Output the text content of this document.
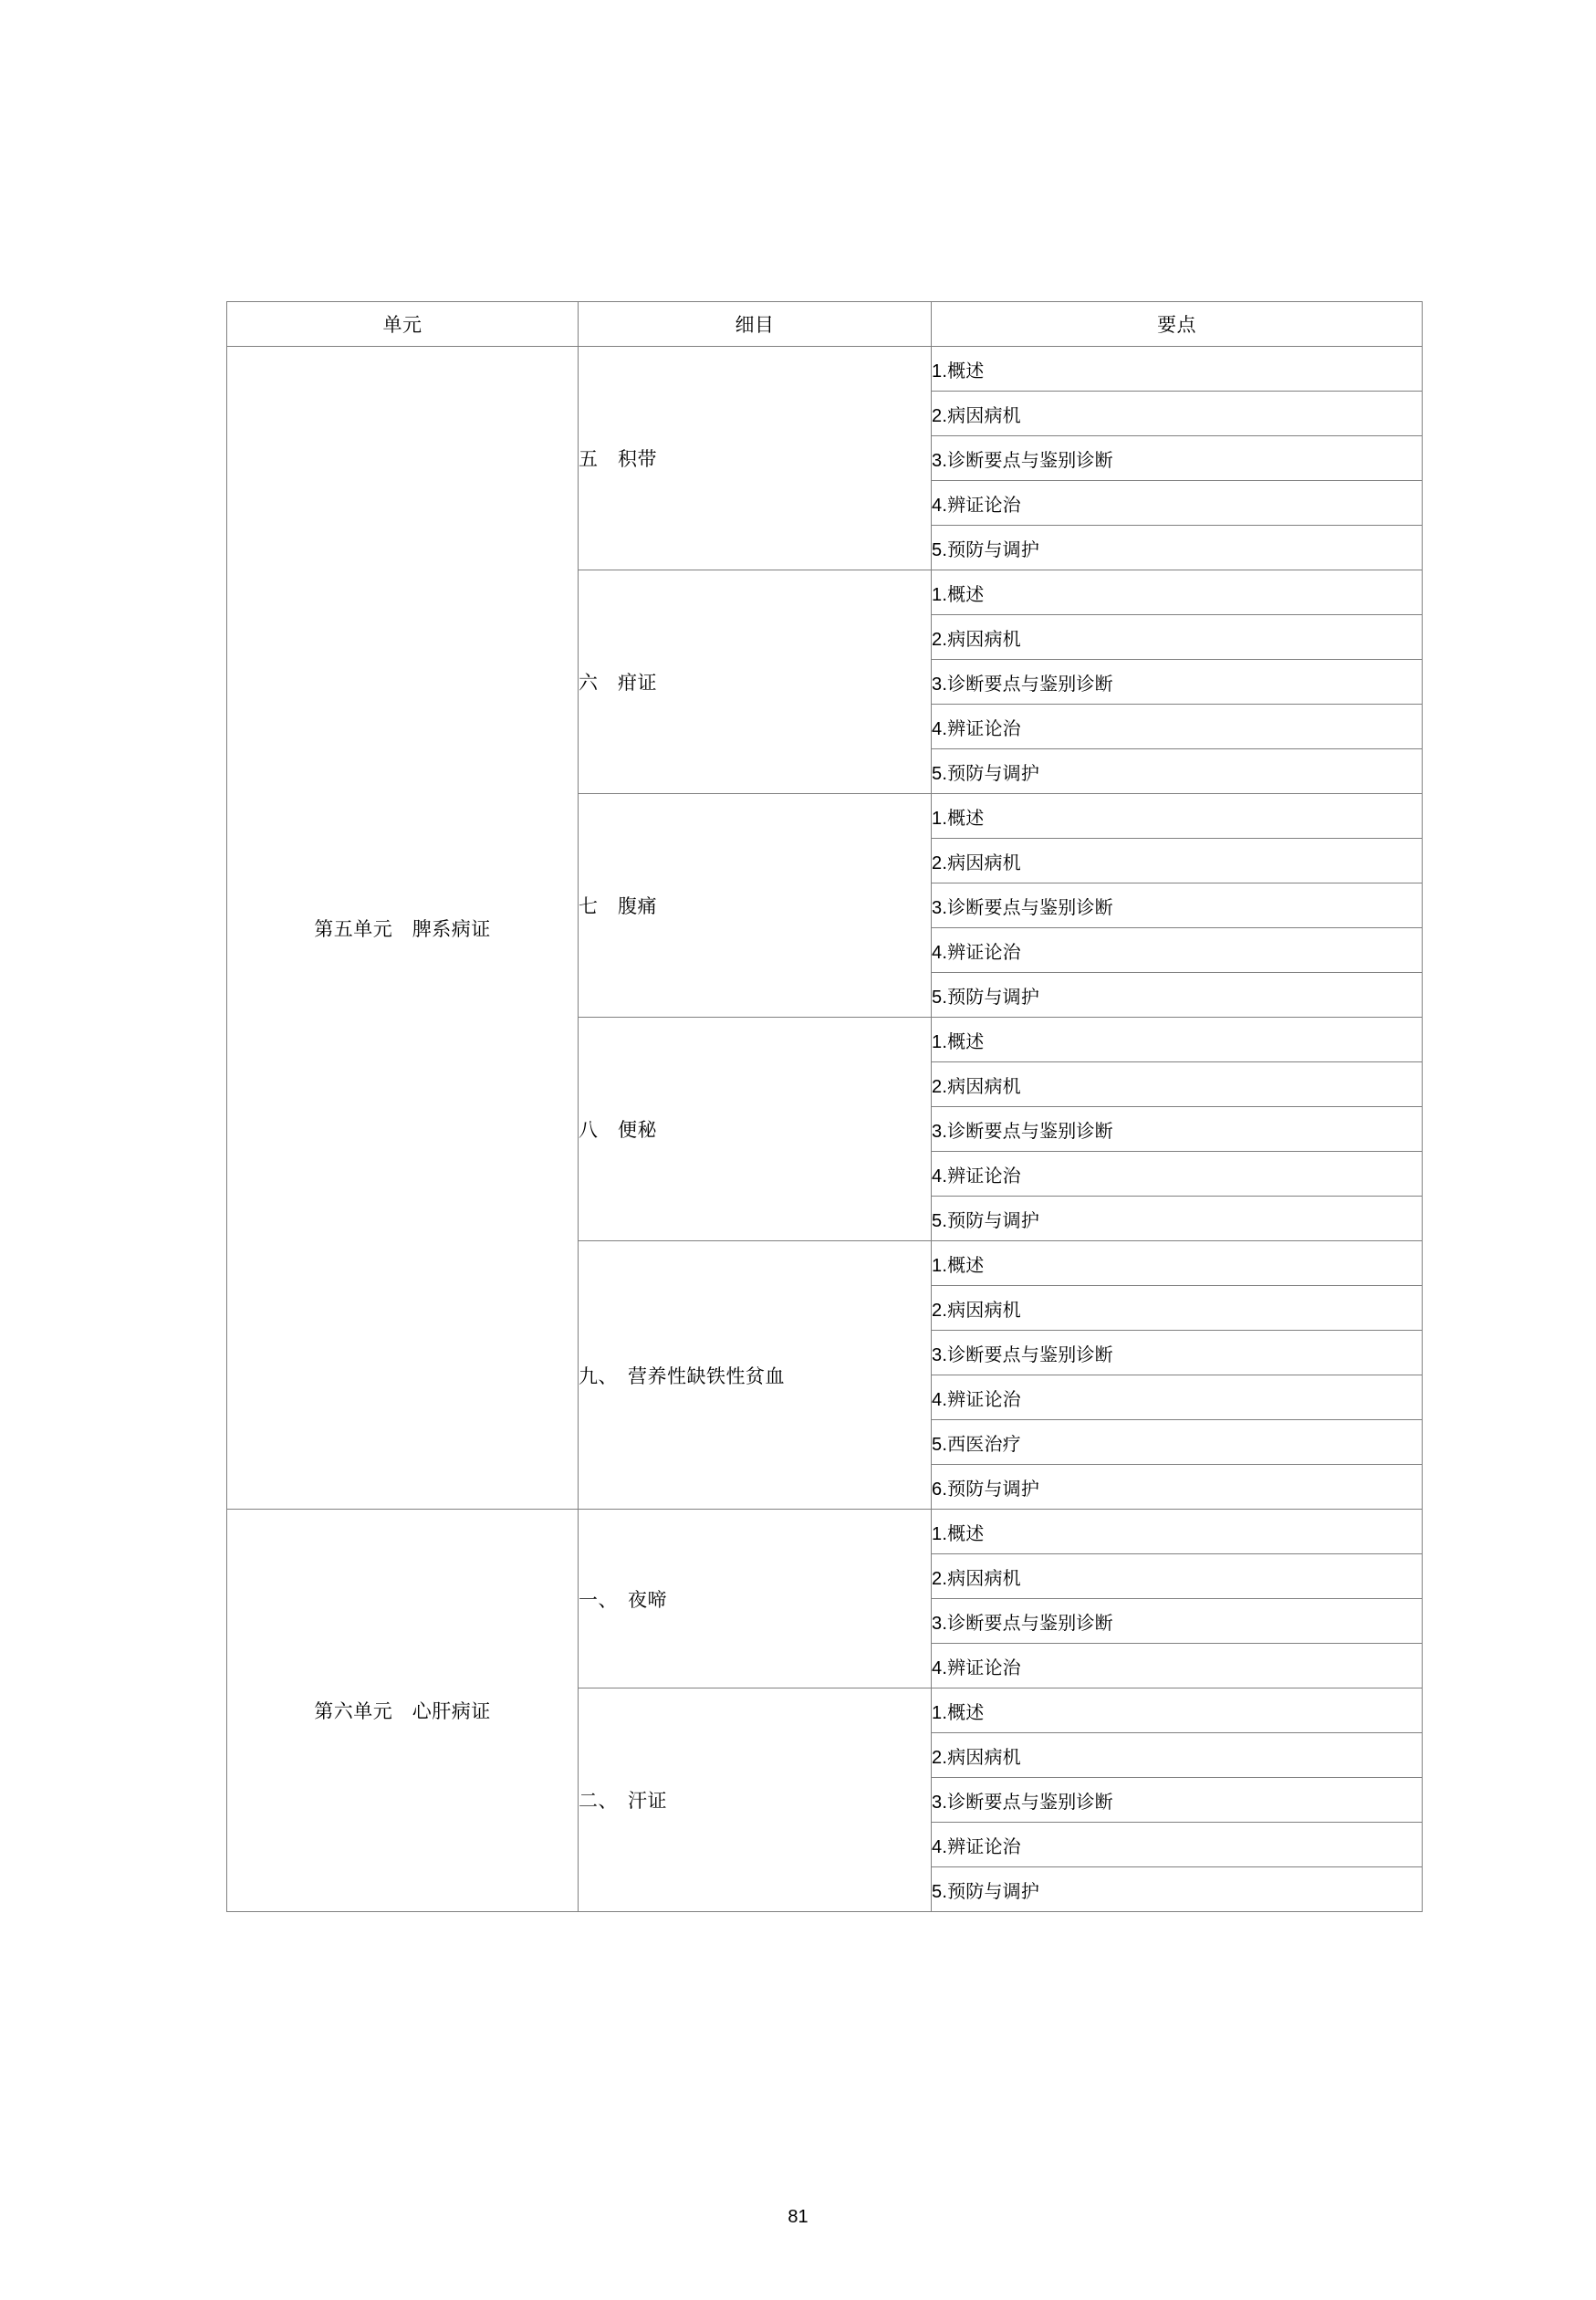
单元	细目	要点
第五单元　脾系病证	五　积带	1.概述
		2.病因病机
		3.诊断要点与鉴别诊断
		4.辨证论治
		5.预防与调护
	六　疳证	1.概述
		2.病因病机
		3.诊断要点与鉴别诊断
		4.辨证论治
		5.预防与调护
	七　腹痛	1.概述
		2.病因病机
		3.诊断要点与鉴别诊断
		4.辨证论治
		5.预防与调护
	八　便秘	1.概述
		2.病因病机
		3.诊断要点与鉴别诊断
		4.辨证论治
		5.预防与调护
	九、　营养性缺铁性贫血	1.概述
		2.病因病机
		3.诊断要点与鉴别诊断
		4.辨证论治
		5.西医治疗
		6.预防与调护
第六单元　心肝病证	一、　夜啼	1.概述
		2.病因病机
		3.诊断要点与鉴别诊断
		4.辨证论治
	二、　汗证	1.概述
		2.病因病机
		3.诊断要点与鉴别诊断
		4.辨证论治
		5.预防与调护
81
